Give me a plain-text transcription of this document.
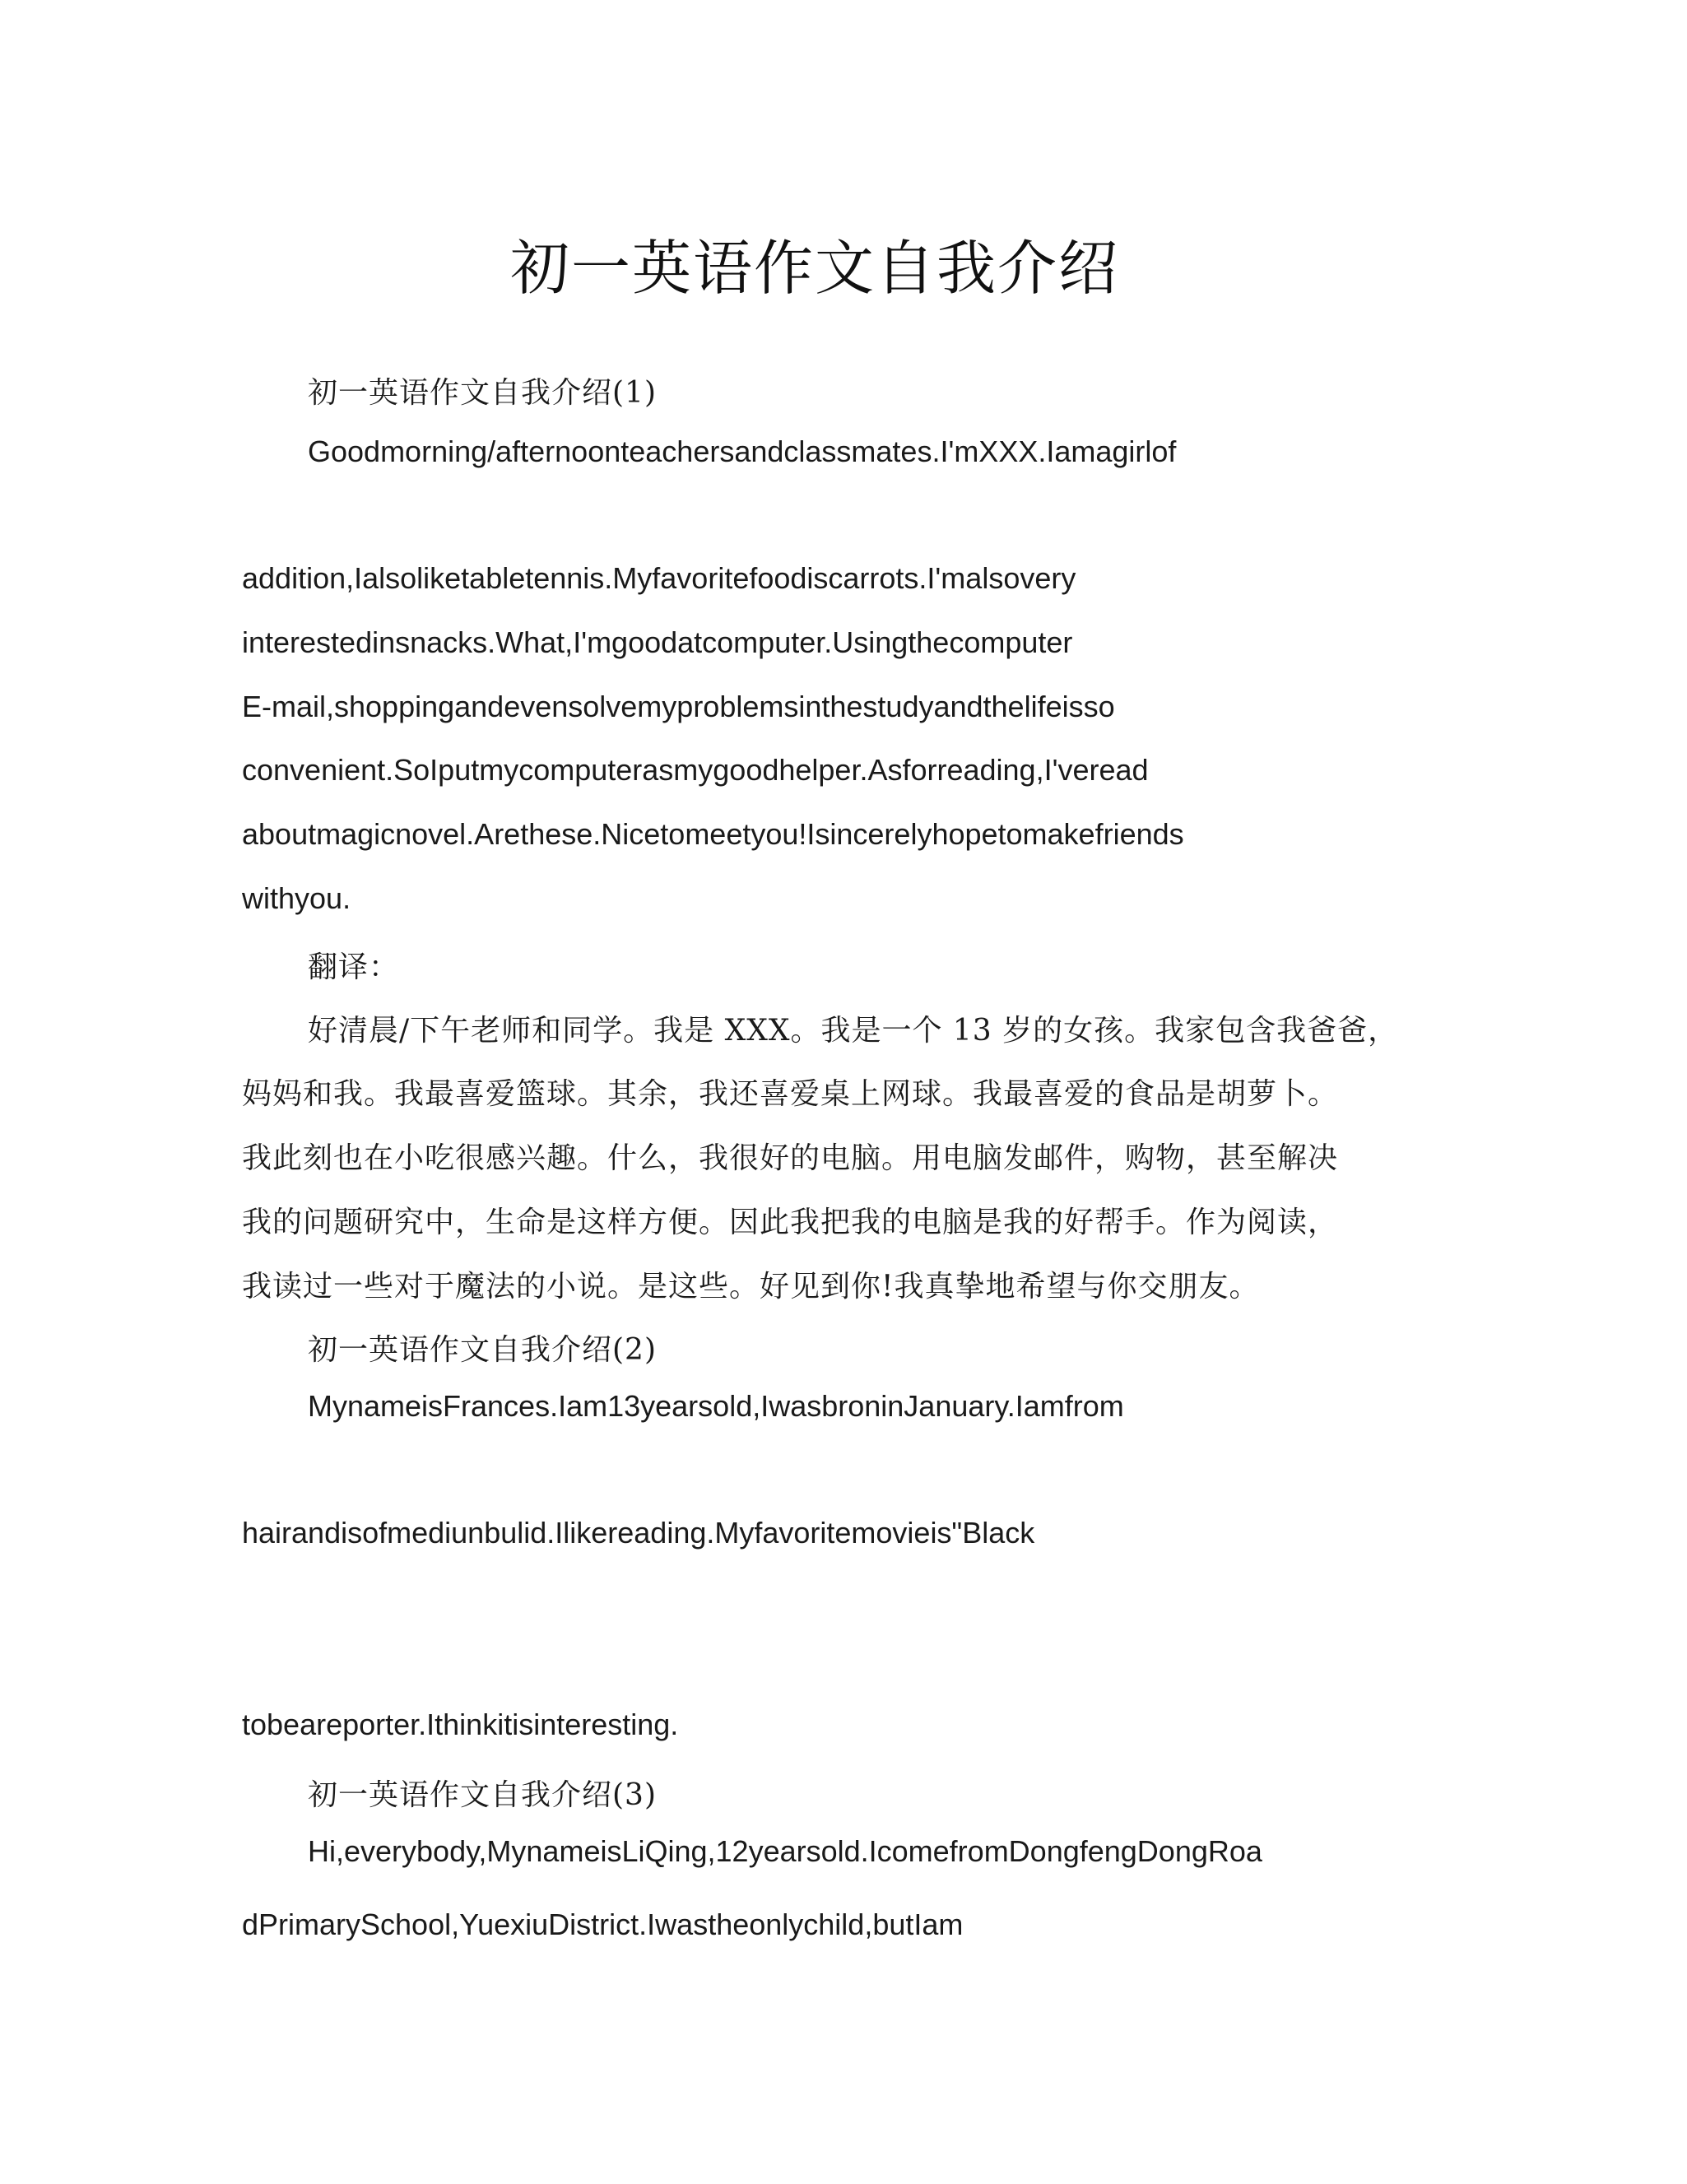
初一英语作文自我介绍
初一英语作文自我介绍(1)
Goodmorning/afternoonteachersandclassmates.I'mXXX.Iamagirlof
addition,Ialsoliketabletennis.Myfavoritefoodiscarrots.I'malsovery
interestedinsnacks.What,I'mgoodatcomputer.Usingthecomputer
E-mail,shoppingandevensolvemyproblemsinthestudyandthelifeisso
convenient.SoIputmycomputerasmygoodhelper.Asforreading,I'veread
aboutmagicnovel.Arethese.Nicetomeetyou!Isincerelyhopetomakefriends
withyou.
翻译：
好清晨/下午老师和同学。我是 XXX。我是一个 13 岁的女孩。我家包含我爸爸，
妈妈和我。我最喜爱篮球。其余，我还喜爱桌上网球。我最喜爱的食品是胡萝卜。
我此刻也在小吃很感兴趣。什么，我很好的电脑。用电脑发邮件，购物，甚至解决
我的问题研究中，生命是这样方便。因此我把我的电脑是我的好帮手。作为阅读，
我读过一些对于魔法的小说。是这些。好见到你!我真挚地希望与你交朋友。
初一英语作文自我介绍(2)
MynameisFrances.Iam13yearsold,IwasbroninJanuary.Iamfrom
hairandisofmediunbulid.Ilikereading.Myfavoritemovieis"Black
tobeareporter.Ithinkitisinteresting.
初一英语作文自我介绍(3)
Hi,everybody,MynameisLiQing,12yearsold.IcomefromDongfengDongRoa
dPrimarySchool,YuexiuDistrict.Iwastheonlychild,butIam
